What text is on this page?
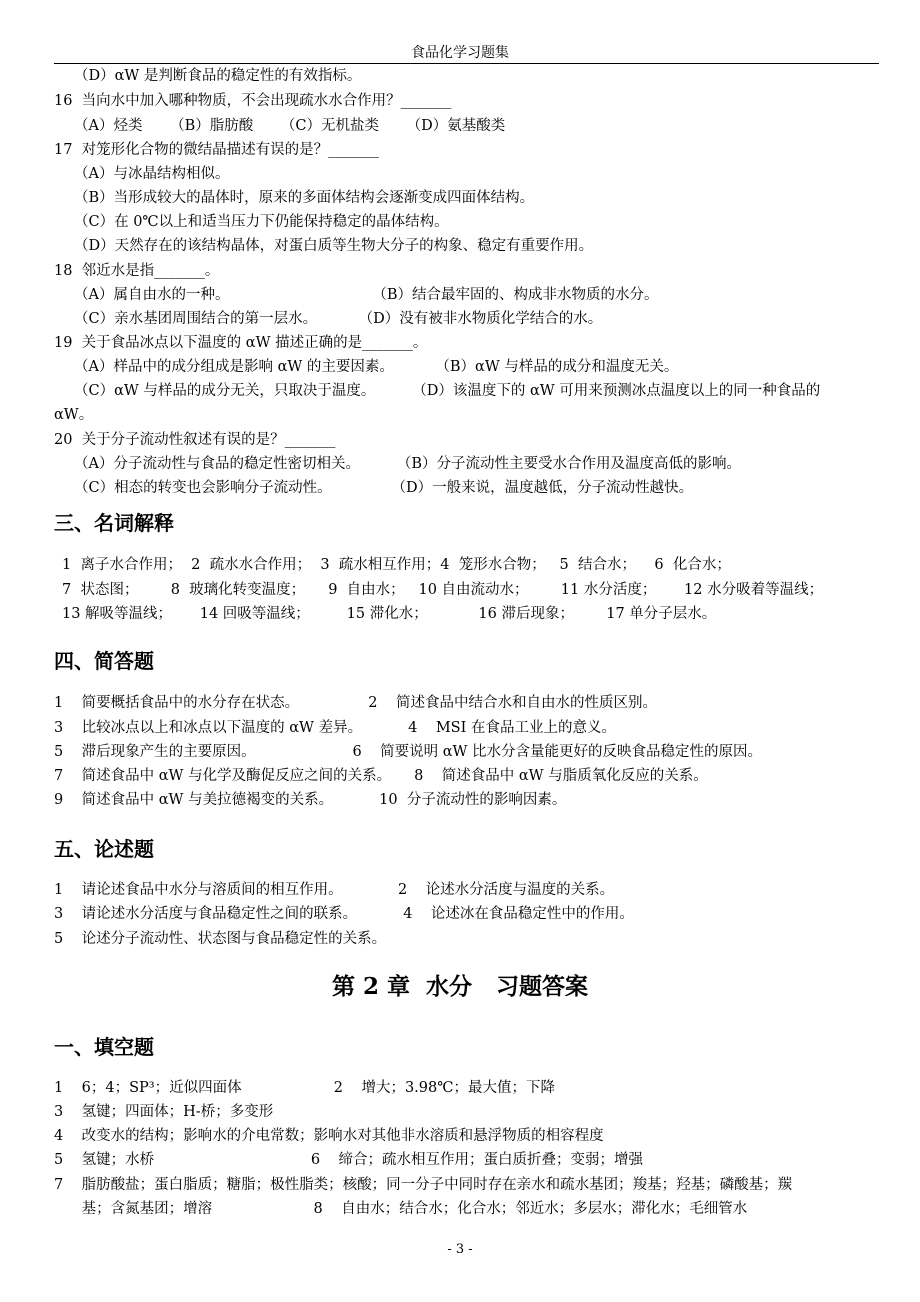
食品化学习题集
（D）αW 是判断食品的稳定性的有效指标。
16  当向水中加入哪种物质，不会出现疏水水合作用？_______
（A）烃类      （B）脂肪酸      （C）无机盐类      （D）氨基酸类
17  对笼形化合物的微结晶描述有误的是？_______
（A）与冰晶结构相似。
（B）当形成较大的晶体时，原来的多面体结构会逐渐变成四面体结构。
（C）在 0℃以上和适当压力下仍能保持稳定的晶体结构。
（D）天然存在的该结构晶体，对蛋白质等生物大分子的构象、稳定有重要作用。
18  邻近水是指_______。
（A）属自由水的一种。                               （B）结合最牢固的、构成非水物质的水分。
（C）亲水基团周围结合的第一层水。         （D）没有被非水物质化学结合的水。
19  关于食品冰点以下温度的 αW 描述正确的是_______。
（A）样品中的成分组成是影响 αW 的主要因素。         （B）αW 与样品的成分和温度无关。
（C）αW 与样品的成分无关，只取决于温度。        （D）该温度下的 αW 可用来预测冰点温度以上的同一种食品的
αW。
20  关于分子流动性叙述有误的是？_______
（A）分子流动性与食品的稳定性密切相关。        （B）分子流动性主要受水合作用及温度高低的影响。
（C）相态的转变也会影响分子流动性。             （D）一般来说，温度越低，分子流动性越快。
三、名词解释
1  离子水合作用；  2  疏水水合作用；  3  疏水相互作用；4  笼形水合物；   5  结合水；    6  化合水；
7  状态图；       8  玻璃化转变温度；     9  自由水；   10 自由流动水；       11 水分活度；      12 水分吸着等温线；
13 解吸等温线；      14 回吸等温线；        15 滞化水；           16 滞后现象；       17 单分子层水。
四、简答题
1    简要概括食品中的水分存在状态。               2    简述食品中结合水和自由水的性质区别。
3    比较冰点以上和冰点以下温度的 αW 差异。          4    MSI 在食品工业上的意义。
5    滞后现象产生的主要原因。                     6    简要说明 αW 比水分含量能更好的反映食品稳定性的原因。
7    简述食品中 αW 与化学及酶促反应之间的关系。     8    简述食品中 αW 与脂质氧化反应的关系。
9    简述食品中 αW 与美拉德褐变的关系。          10  分子流动性的影响因素。
五、论述题
1    请论述食品中水分与溶质间的相互作用。            2    论述水分活度与温度的关系。
3    请论述水分活度与食品稳定性之间的联系。          4    论述冰在食品稳定性中的作用。
5    论述分子流动性、状态图与食品稳定性的关系。
第 2 章  水分   习题答案
一、填空题
1    6；4；SP³；近似四面体                    2    增大；3.98℃；最大值；下降
3    氢键；四面体；H-桥；多变形
4    改变水的结构；影响水的介电常数；影响水对其他非水溶质和悬浮物质的相容程度
5    氢键；水桥                                  6    缔合；疏水相互作用；蛋白质折叠；变弱；增强
7    脂肪酸盐；蛋白脂质；糖脂；极性脂类；核酸；同一分子中同时存在亲水和疏水基团；羧基；羟基；磷酸基；羰
基；含氮基团；增溶                      8    自由水；结合水；化合水；邻近水；多层水；滞化水；毛细管水
- 3 -
